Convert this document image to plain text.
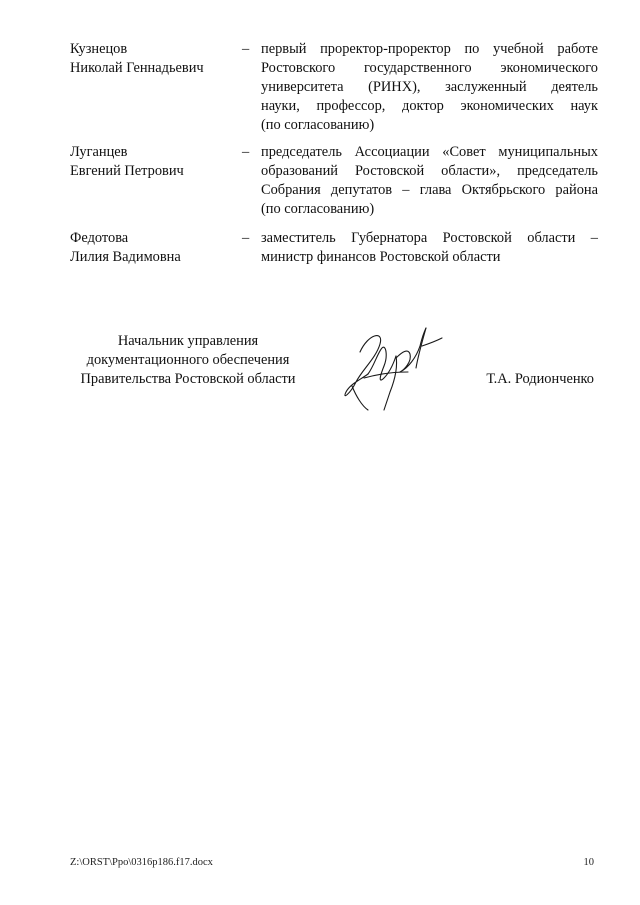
Кузнецов
Николай Геннадьевич
– первый проректор-проректор по учебной работе
Ростовского государственного экономического
университета (РИНХ), заслуженный деятель
науки, профессор, доктор экономических наук
(по согласованию)
Луганцев
Евгений Петрович
– председатель Ассоциации «Совет муниципальных
образований Ростовской области», председатель
Собрания депутатов – глава Октябрьского района
(по согласованию)
Федотова
Лилия Вадимовна
– заместитель Губернатора Ростовской области –
министр финансов Ростовской области
Начальник управления
документационного обеспечения
Правительства Ростовской области	Т.А. Родионченко
Z:\ORST\Ppo\0316p186.f17.docx	10
